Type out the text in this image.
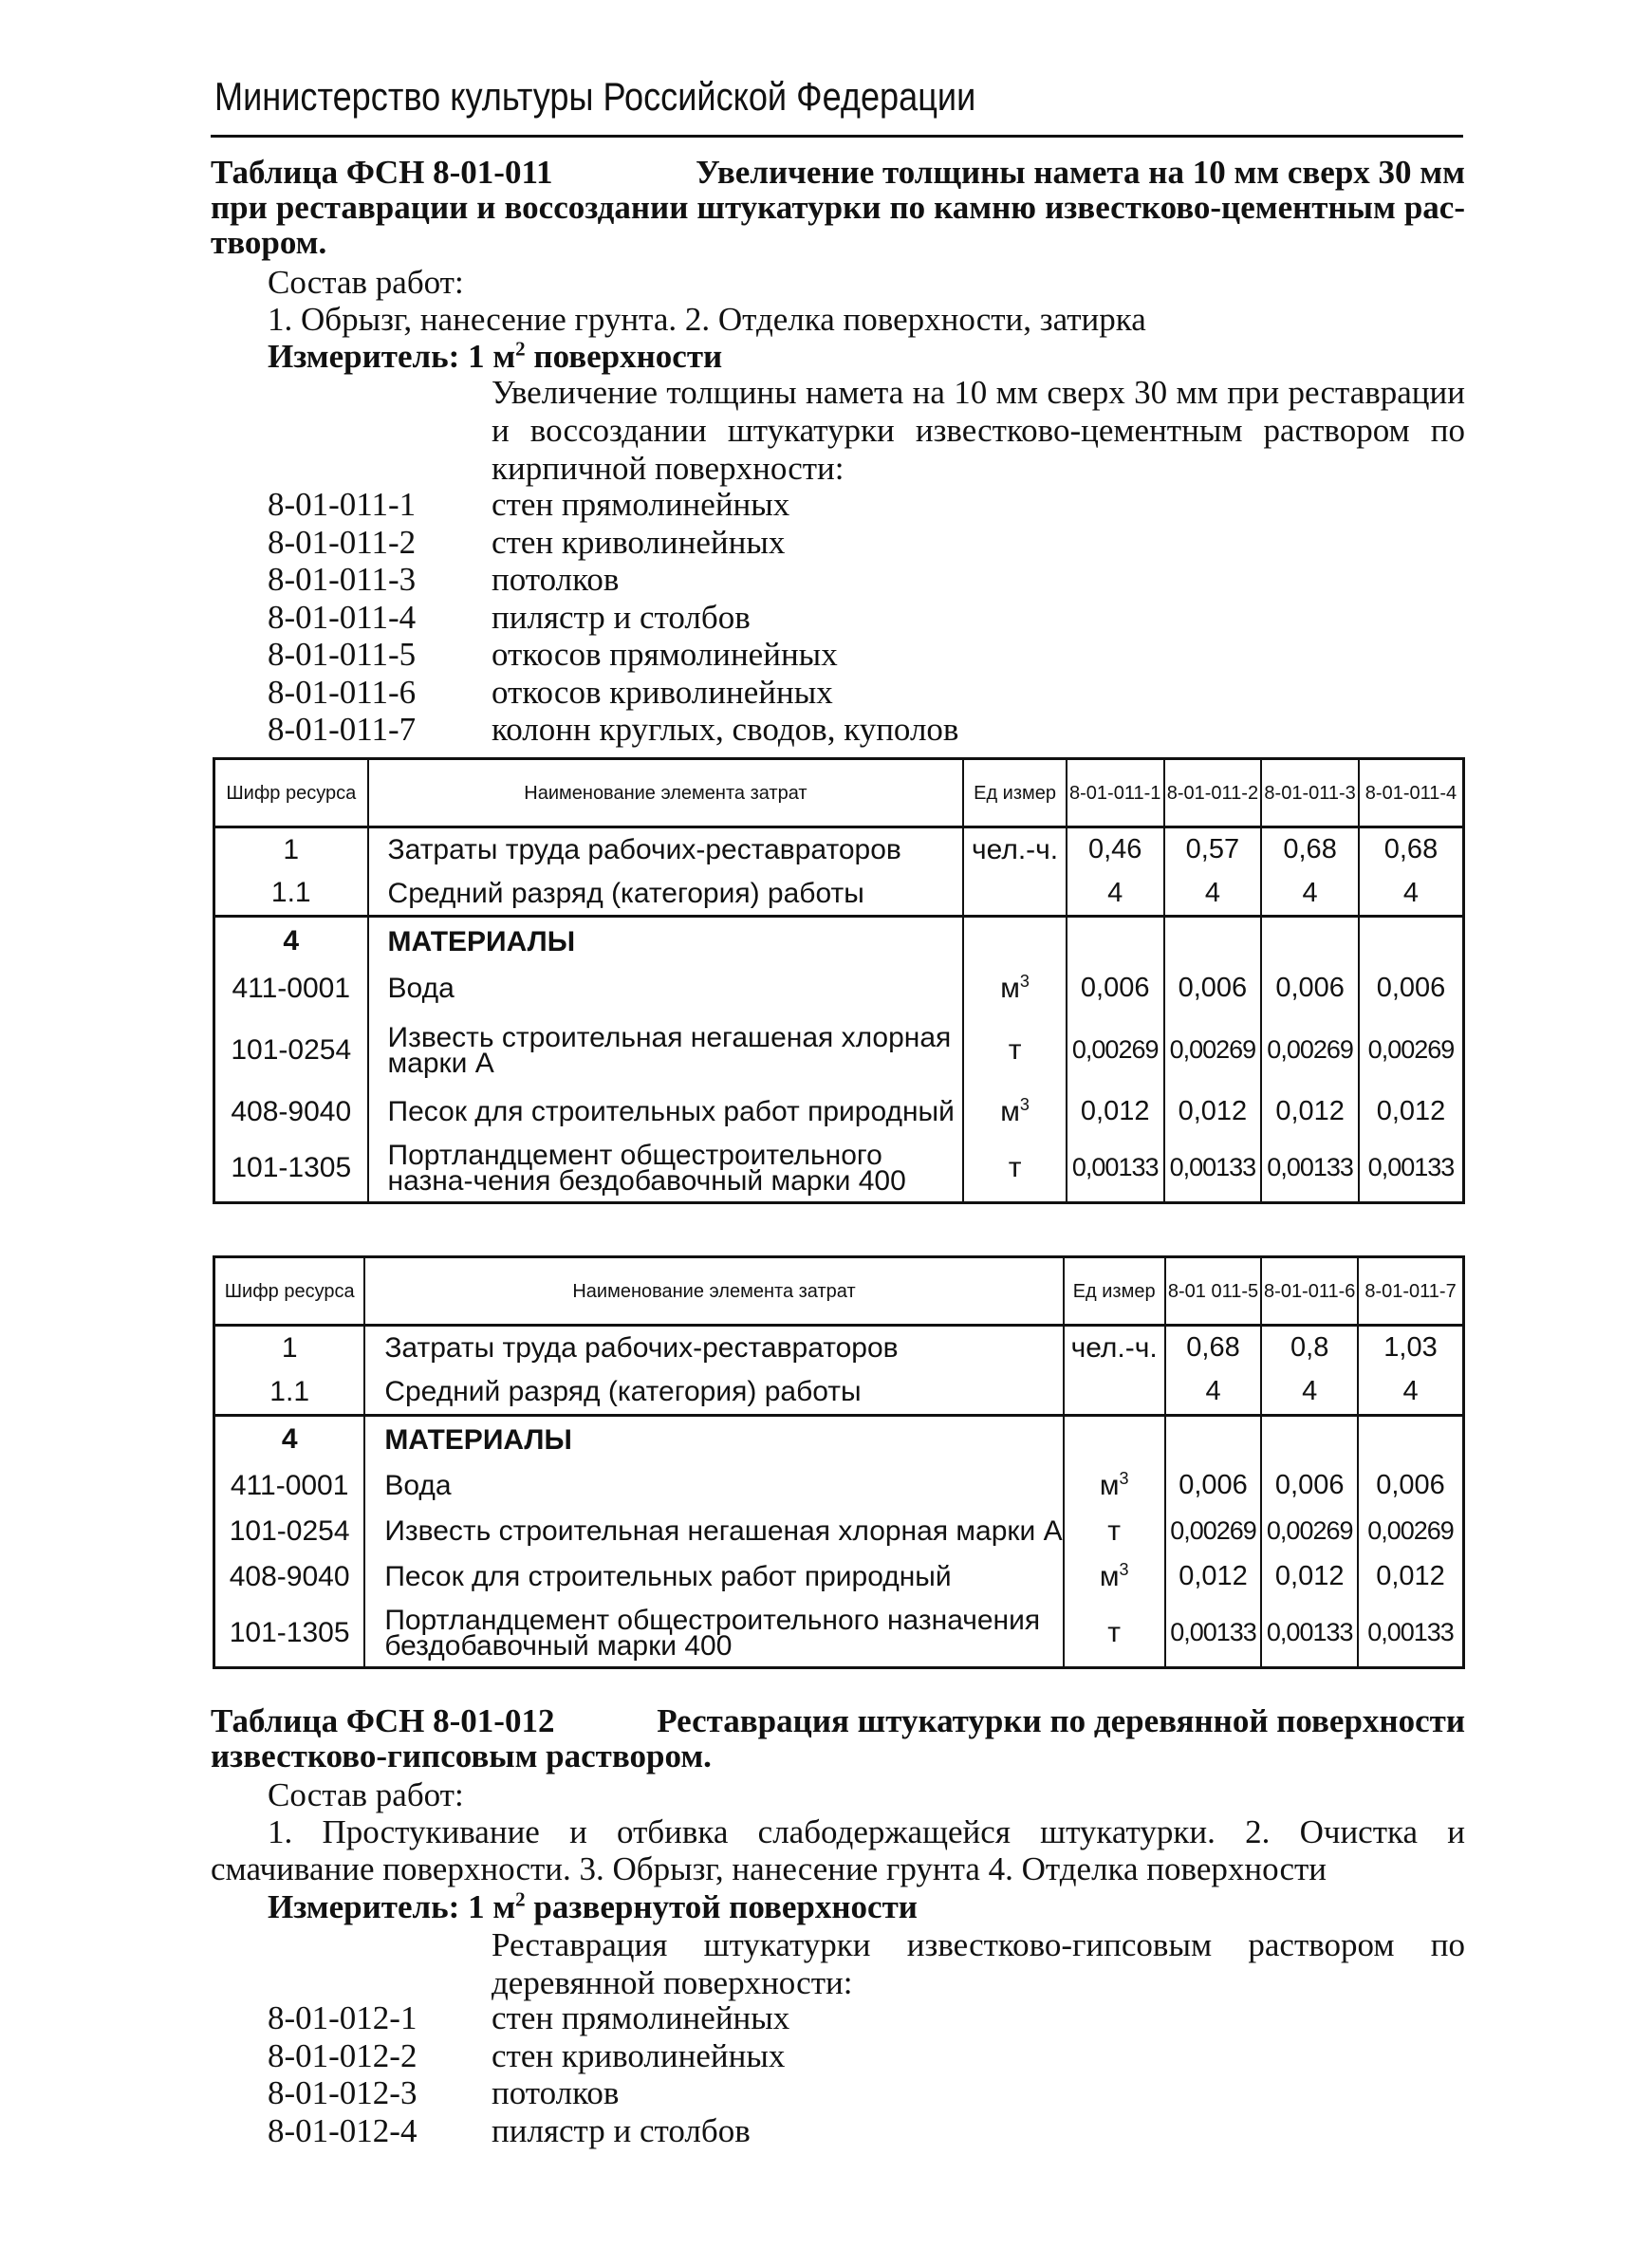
Министерство культуры Российской Федерации
Таблица ФСН 8-01-011	Увеличение толщины намета на 10 мм сверх 30 мм
при реставрации и воссоздании штукатурки по камню известково-цементным рас-
твором.
Состав работ:
1. Обрызг, нанесение грунта. 2. Отделка поверхности, затирка
Измеритель: 1 $м^2$ поверхности
Увеличение толщины намета на 10 мм сверх 30 мм при реставрации и воссоздании штукатурки известково-цементным раствором по кирпичной поверхности:
8-01-011-1	стен прямолинейных
8-01-011-2	стен криволинейных
8-01-011-3	потолков
8-01-011-4	пилястр и столбов
8-01-011-5	откосов прямолинейных
8-01-011-6	откосов криволинейных
8-01-011-7	колонн круглых, сводов, куполов
Шифр ресурса	Наименование элемента затрат	Ед измер	8-01-011-1	8-01-011-2	8-01-011-3	8-01-011-4
1	Затраты труда рабочих-реставраторов	чел.-ч.	0,46	0,57	0,68	0,68
1.1	Средний разряд (категория) работы		4	4	4	4
4	МАТЕРИАЛЫ					
411-0001	Вода	$м^3$	0,006	0,006	0,006	0,006
101-0254	Известь строительная негашеная хлорная марки А	т	0,00269	0,00269	0,00269	0,00269
408-9040	Песок для строительных работ природный	$м^3$	0,012	0,012	0,012	0,012
101-1305	Портландцемент общестроительного назна-чения бездобавочный марки 400	т	0,00133	0,00133	0,00133	0,00133
Шифр ресурса	Наименование элемента затрат	Ед измер	8-01 011-5	8-01-011-6	8-01-011-7
1	Затраты труда рабочих-реставраторов	чел.-ч.	0,68	0,8	1,03
1.1	Средний разряд (категория) работы		4	4	4
4	МАТЕРИАЛЫ				
411-0001	Вода	$м^3$	0,006	0,006	0,006
101-0254	Известь строительная негашеная хлорная марки А	т	0,00269	0,00269	0,00269
408-9040	Песок для строительных работ природный	$м^3$	0,012	0,012	0,012
101-1305	Портландцемент общестроительного назначения бездобавочный марки 400	т	0,00133	0,00133	0,00133
Таблица ФСН 8-01-012	Реставрация штукатурки по деревянной поверхности
известково-гипсовым раствором.
Состав работ:
1. Простукивание и отбивка слабодержащейся штукатурки. 2. Очистка и смачивание поверхности. 3. Обрызг, нанесение грунта 4. Отделка поверхности
Измеритель: 1 $м^2$ развернутой поверхности
Реставрация штукатурки известково-гипсовым раствором по деревянной поверхности:
8-01-012-1	стен прямолинейных
8-01-012-2	стен криволинейных
8-01-012-3	потолков
8-01-012-4	пилястр и столбов
